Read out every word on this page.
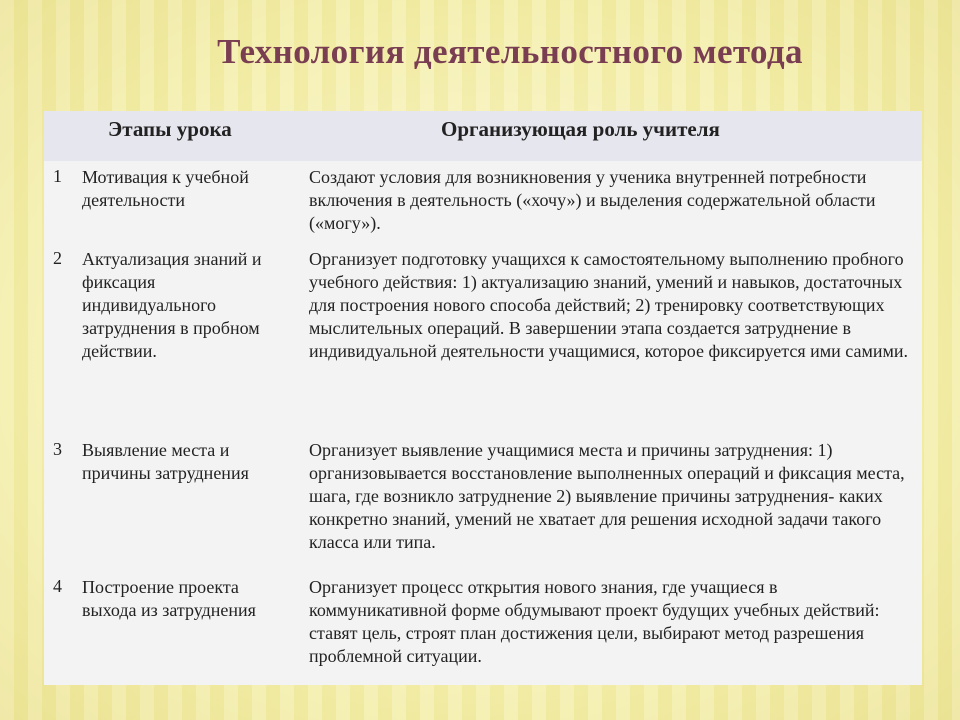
Технология деятельностного метода
Этапы урока	Организующая роль учителя
1 Мотивация к учебной деятельности
Создают условия для возникновения у ученика внутренней потребности включения в деятельность («хочу») и выделения содержательной области («могу»).
2 Актуализация знаний и фиксация индивидуального затруднения в пробном действии.
Организует подготовку учащихся к самостоятельному выполнению пробного учебного действия: 1) актуализацию знаний, умений и навыков, достаточных для построения нового способа действий; 2) тренировку соответствующих мыслительных операций. В завершении этапа создается затруднение в индивидуальной деятельности учащимися, которое фиксируется ими самими.
3 Выявление места и причины затруднения
Организует выявление учащимися места и причины затруднения: 1) организовывается восстановление выполненных операций и фиксация места, шага, где возникло затруднение 2) выявление причины затруднения- каких конкретно знаний, умений не хватает для решения исходной задачи такого класса или типа.
4 Построение проекта выхода из затруднения
Организует процесс открытия нового знания, где учащиеся в коммуникативной форме обдумывают проект будущих учебных действий: ставят цель, строят план достижения цели, выбирают метод разрешения проблемной ситуации.
